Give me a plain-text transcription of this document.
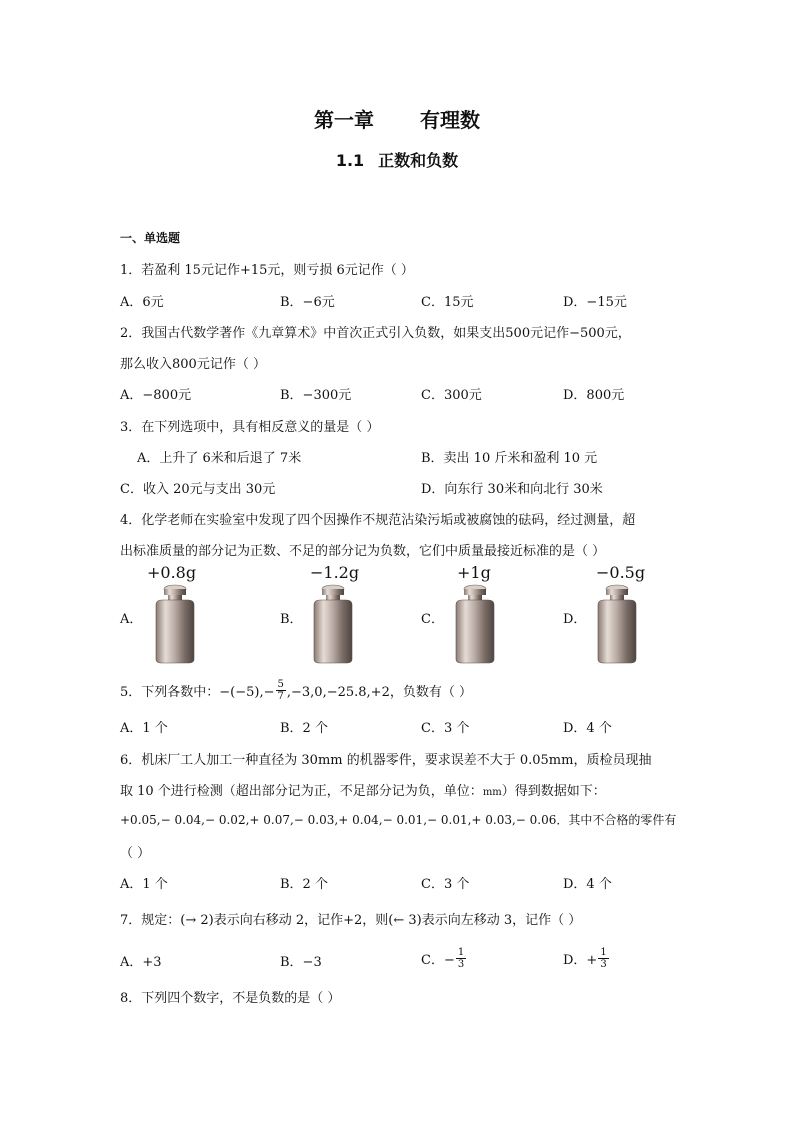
第一章 有理数
1.1 正数和负数
一、单选题
1．若盈利 15元记作+15元，则亏损 6元记作（ ）
A．6元	B．−6元	C．15元	D．−15元
2．我国古代数学著作《九章算术》中首次正式引入负数，如果支出500元记作−500元，
那么收入800元记作（ ）
A．−800元	B．−300元	C．300元	D．800元
3．在下列选项中，具有相反意义的量是（ ）
A．上升了 6米和后退了 7米	B．卖出 10 斤米和盈利 10 元
C．收入 20元与支出 30元	D．向东行 30米和向北行 30米
4．化学老师在实验室中发现了四个因操作不规范沾染污垢或被腐蚀的砝码，经过测量，超
出标准质量的部分记为正数、不足的部分记为负数，它们中质量最接近标准的是（ ）
+0.8g	−1.2g	+1g	−0.5g
A．	B．	C．	D．
5．下列各数中：$-(-5),- \frac{5}{7} ,-3,0,-25.8,+2$，负数有（ ）
A．1 个	B．2 个	C．3 个	D．4 个
6．机床厂工人加工一种直径为 30mm 的机器零件，要求误差不大于 0.05mm，质检员现抽
取 10 个进行检测（超出部分记为正，不足部分记为负，单位：mm）得到数据如下：
+0.05,− 0.04,− 0.02,+ 0.07,− 0.03,+ 0.04,− 0.01,− 0.01,+ 0.03,− 0.06．其中不合格的零件有
（ ）
A．1 个	B．2 个	C．3 个	D．4 个
7．规定：(→ 2)表示向右移动 2，记作+2，则(← 3)表示向左移动 3，记作（ ）
A．+3	B．−3	C．− $\frac{1}{3}$	D．+ $\frac{1}{3}$
8．下列四个数字，不是负数的是（ ）
